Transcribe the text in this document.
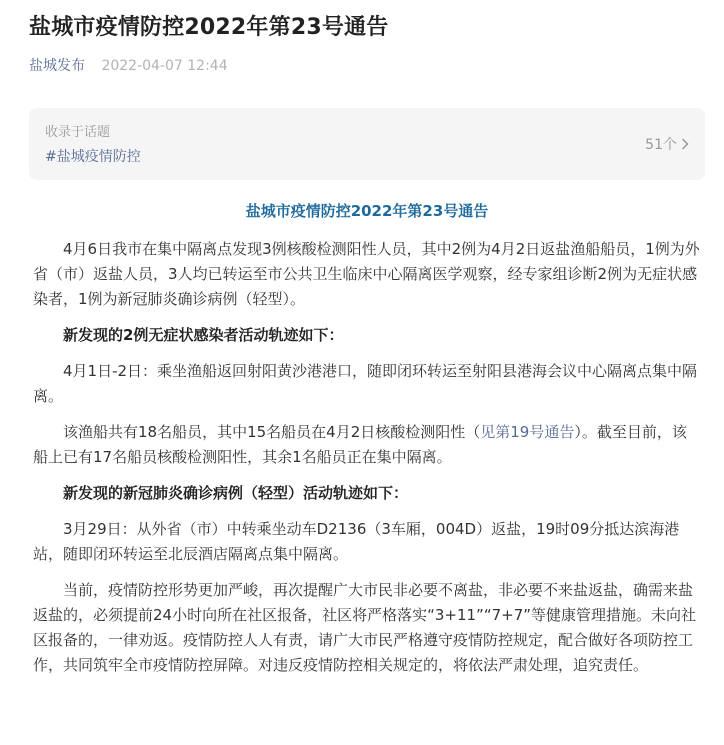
盐城市疫情防控2022年第23号通告
盐城发布 2022-04-07 12:44
收录于话题
#盐城疫情防控
51个
盐城市疫情防控2022年第23号通告

4月6日我市在集中隔离点发现3例核酸检测阳性人员，其中2例为4月2日返盐渔船船员，1例为外省（市）返盐人员，3人均已转运至市公共卫生临床中心隔离医学观察，经专家组诊断2例为无症状感染者，1例为新冠肺炎确诊病例（轻型）。

新发现的2例无症状感染者活动轨迹如下：

4月1日-2日：乘坐渔船返回射阳黄沙港港口，随即闭环转运至射阳县港海会议中心隔离点集中隔离。

该渔船共有18名船员，其中15名船员在4月2日核酸检测阳性（见第19号通告）。截至目前，该船上已有17名船员核酸检测阳性，其余1名船员正在集中隔离。

新发现的新冠肺炎确诊病例（轻型）活动轨迹如下：

3月29日：从外省（市）中转乘坐动车D2136（3车厢，004D）返盐，19时09分抵达滨海港站，随即闭环转运至北辰酒店隔离点集中隔离。

当前，疫情防控形势更加严峻，再次提醒广大市民非必要不离盐，非必要不来盐返盐，确需来盐返盐的，必须提前24小时向所在社区报备，社区将严格落实“3+11”“7+7”等健康管理措施。未向社区报备的，一律劝返。疫情防控人人有责，请广大市民严格遵守疫情防控规定，配合做好各项防控工作，共同筑牢全市疫情防控屏障。对违反疫情防控相关规定的，将依法严肃处理，追究责任。
